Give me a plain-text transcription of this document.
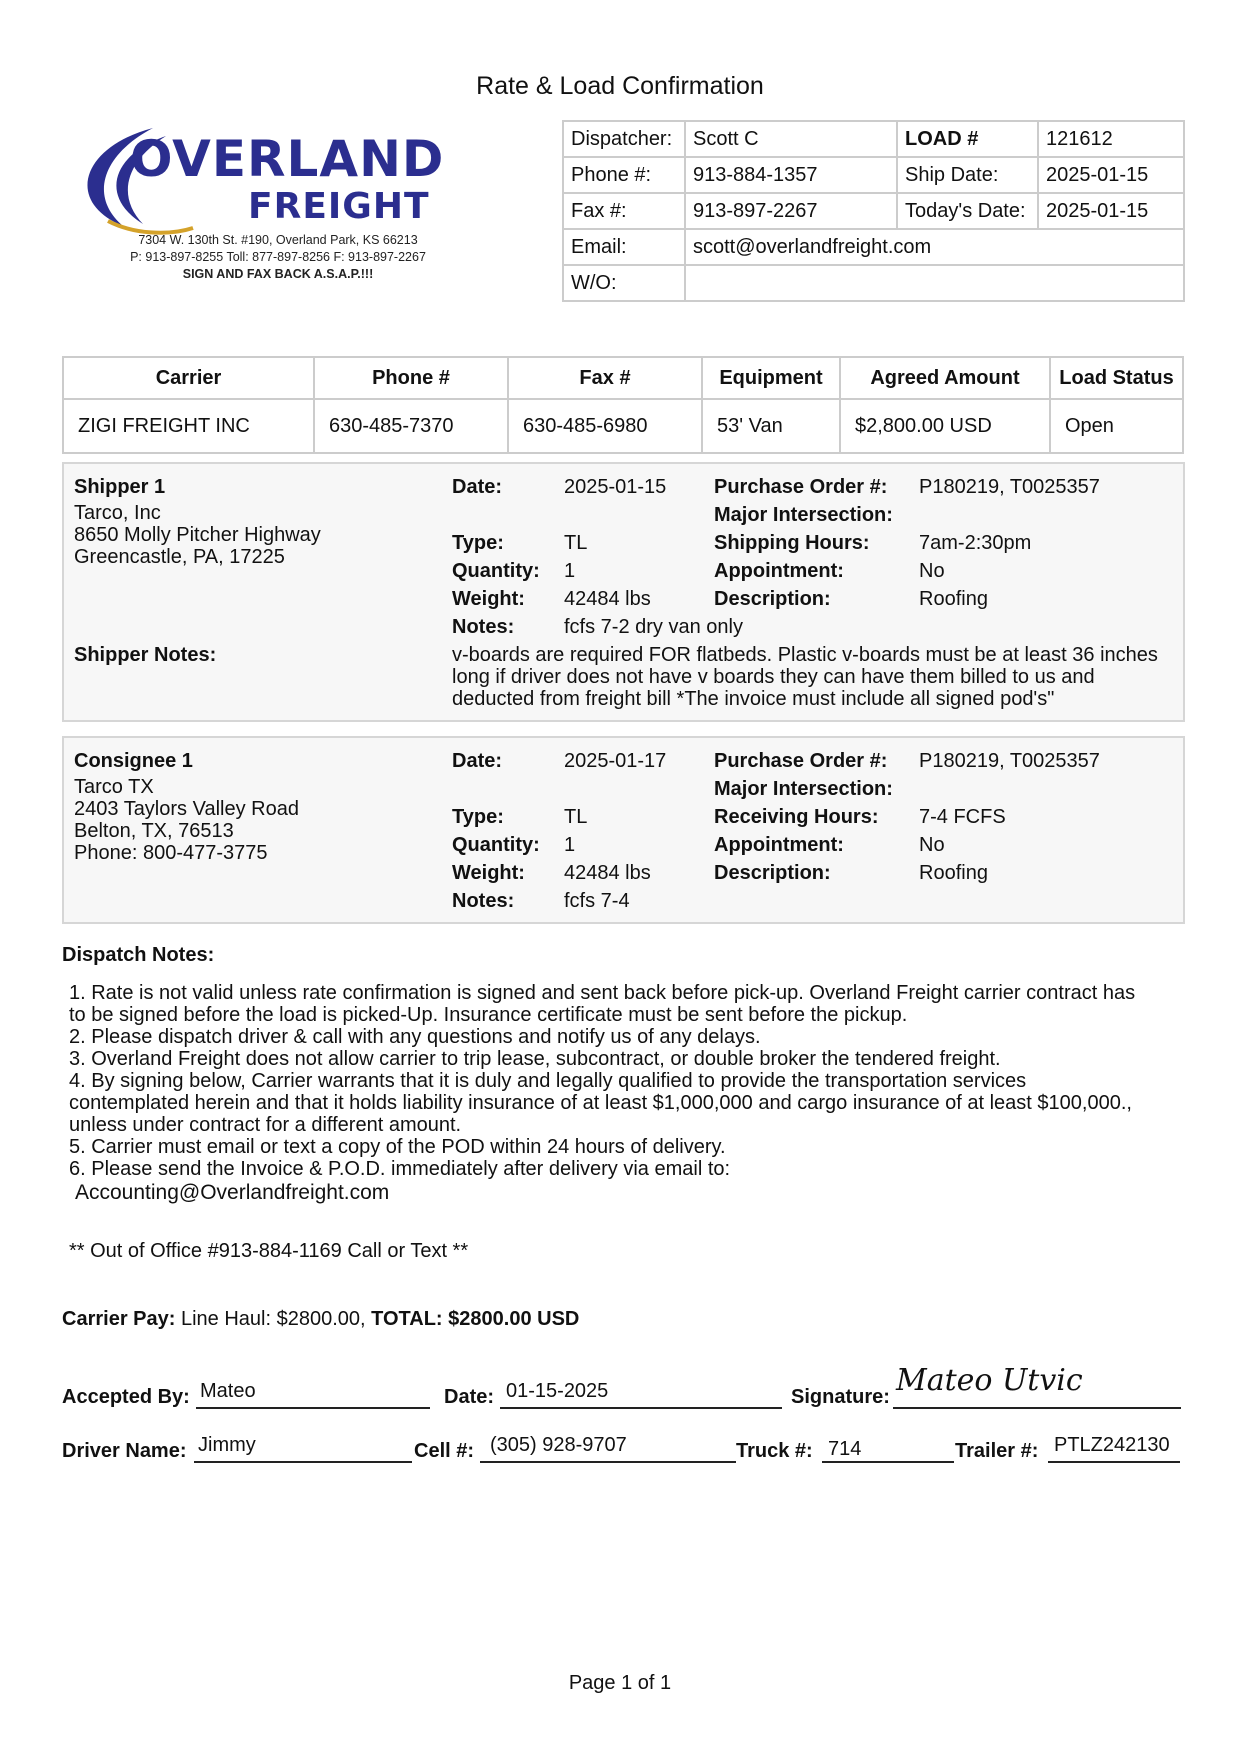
Rate & Load Confirmation
OVERLAND
FREIGHT
7304 W. 130th St. #190, Overland Park, KS 66213
P: 913-897-8255 Toll: 877-897-8256 F: 913-897-2267
SIGN AND FAX BACK A.S.A.P.!!!
Dispatcher:	Scott C	LOAD #	121612
Phone #:	913-884-1357	Ship Date:	2025-01-15
Fax #:	913-897-2267	Today's Date:	2025-01-15
Email:	scott@overlandfreight.com		
W/O:			
Carrier	Phone #	Fax #	Equipment	Agreed Amount	Load Status
ZIGI FREIGHT INC	630-485-7370	630-485-6980	53' Van	$2,800.00 USD	Open
Shipper 1
Tarco, Inc
8650 Molly Pitcher Highway
Greencastle, PA, 17225
Date:	2025-01-15
Type:	TL
Quantity: 1
Weight: 42484 lbs
Notes: fcfs 7-2 dry van only
Purchase Order #: P180219, T0025357
Major Intersection:
Shipping Hours: 7am-2:30pm
Appointment:	No
Description:	Roofing
Shipper Notes:	v-boards are required FOR flatbeds. Plastic v-boards must be at least 36 inches
long if driver does not have v boards they can have them billed to us and
deducted from freight bill *The invoice must include all signed pod's"
Consignee 1
Tarco TX
2403 Taylors Valley Road
Belton, TX, 76513
Phone: 800-477-3775
Date:	2025-01-17
Type:	TL
Quantity: 1
Weight: 42484 lbs
Notes: fcfs 7-4
Purchase Order #: P180219, T0025357
Major Intersection:
Receiving Hours: 7-4 FCFS
Appointment:	No
Description:	Roofing
Dispatch Notes:
1. Rate is not valid unless rate confirmation is signed and sent back before pick-up. Overland Freight carrier contract has
to be signed before the load is picked-Up. Insurance certificate must be sent before the pickup.
2. Please dispatch driver & call with any questions and notify us of any delays.
3. Overland Freight does not allow carrier to trip lease, subcontract, or double broker the tendered freight.
4. By signing below, Carrier warrants that it is duly and legally qualified to provide the transportation services
contemplated herein and that it holds liability insurance of at least $1,000,000 and cargo insurance of at least $100,000.,
unless under contract for a different amount.
5. Carrier must email or text a copy of the POD within 24 hours of delivery.
6. Please send the Invoice & P.O.D. immediately after delivery via email to:
Accounting@Overlandfreight.com
** Out of Office #913-884-1169 Call or Text **
Carrier Pay: Line Haul: $2800.00, TOTAL: $2800.00 USD
Accepted By: Mateo	Date: 01-15-2025	Signature: Mateo Utvic
Driver Name: Jimmy	Cell #: (305) 928-9707	Truck #: 714	Trailer #: PTLZ242130
Page 1 of 1
